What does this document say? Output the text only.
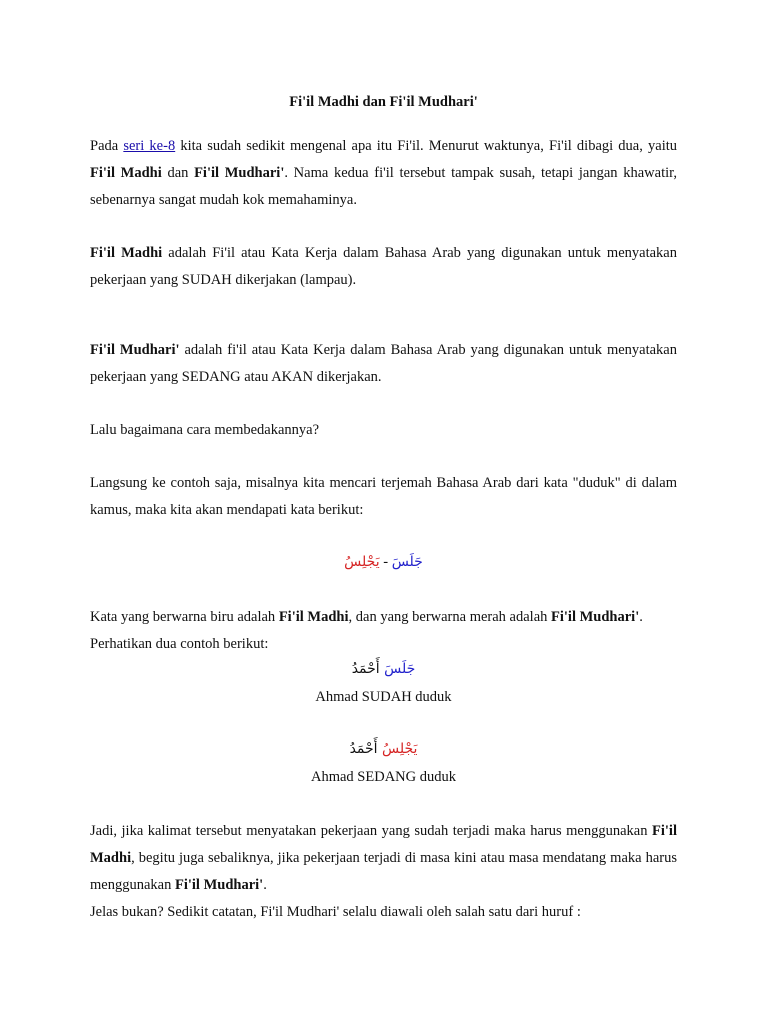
Fi'il Madhi dan Fi'il Mudhari'

Pada seri ke-8 kita sudah sedikit mengenal apa itu Fi'il. Menurut waktunya, Fi'il dibagi dua, yaitu Fi'il Madhi dan Fi'il Mudhari'. Nama kedua fi'il tersebut tampak susah, tetapi jangan khawatir, sebenarnya sangat mudah kok memahaminya.

Fi'il Madhi adalah Fi'il atau Kata Kerja dalam Bahasa Arab yang digunakan untuk menyatakan pekerjaan yang SUDAH dikerjakan (lampau).

Fi'il Mudhari' adalah fi'il atau Kata Kerja dalam Bahasa Arab yang digunakan untuk menyatakan pekerjaan yang SEDANG atau AKAN dikerjakan.

Lalu bagaimana cara membedakannya?

Langsung ke contoh saja, misalnya kita mencari terjemah Bahasa Arab dari kata "duduk" di dalam kamus, maka kita akan mendapati kata berikut:

يَجْلِسُ - جَلَسَ

Kata yang berwarna biru adalah Fi'il Madhi, dan yang berwarna merah adalah Fi'il Mudhari'.
Perhatikan dua contoh berikut:

جَلَسَ أَحْمَدُ

Ahmad SUDAH duduk

يَجْلِسُ أَحْمَدُ

Ahmad SEDANG duduk

Jadi, jika kalimat tersebut menyatakan pekerjaan yang sudah terjadi maka harus menggunakan Fi'il Madhi, begitu juga sebaliknya, jika pekerjaan terjadi di masa kini atau masa mendatang maka harus menggunakan Fi'il Mudhari'.

Jelas bukan? Sedikit catatan, Fi'il Mudhari' selalu diawali oleh salah satu dari huruf :
